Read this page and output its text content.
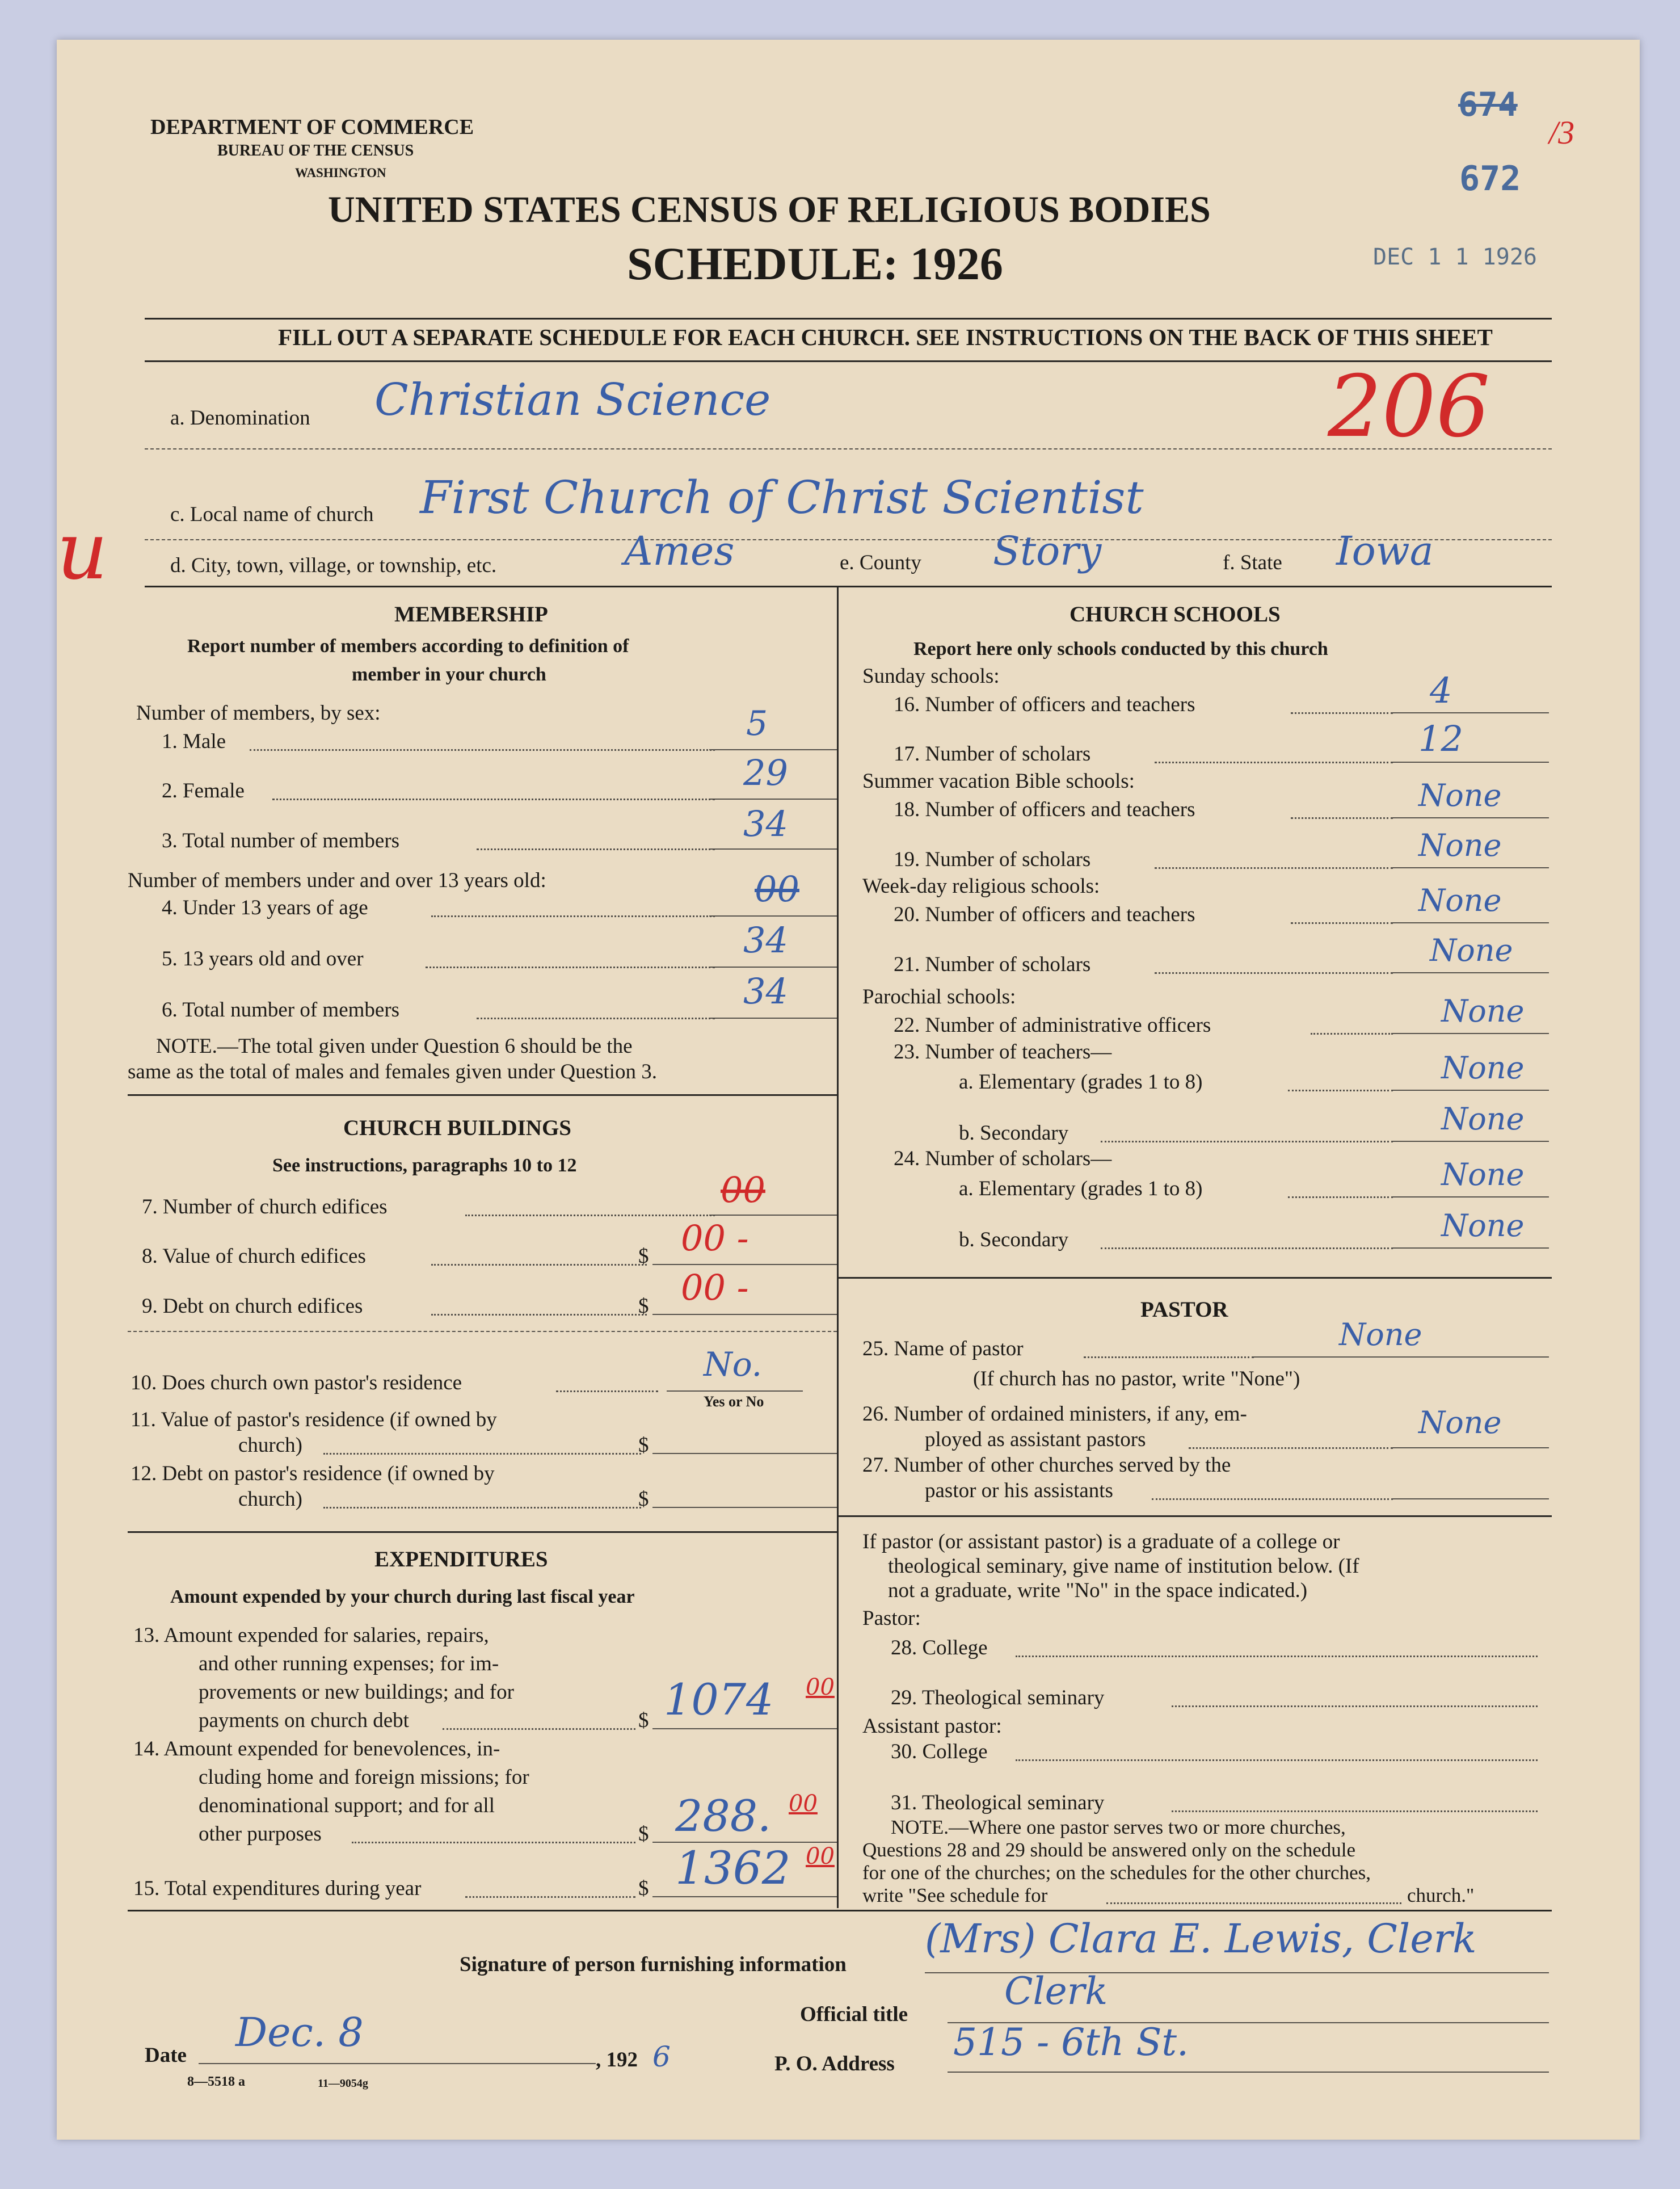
DEPARTMENT OF COMMERCE
BUREAU OF THE CENSUS
WASHINGTON
UNITED STATES CENSUS OF RELIGIOUS BODIES
SCHEDULE: 1926	DEC 1 1 1926
674
/3
672
206
u
FILL OUT A SEPARATE SCHEDULE FOR EACH CHURCH. SEE INSTRUCTIONS ON THE BACK OF THIS SHEET
a. Denomination Christian Science
c. Local name of church First Church of Christ Scientist
d. City, town, village, or township, etc.	Ames	e. County Story	f. State Iowa
MEMBERSHIP
Report number of members according to definition of
member in your church
Number of members, by sex:
1. Male	5
2. Female	29
3. Total number of members	34
Number of members under and over 13 years old:
4. Under 13 years of age	00
5. 13 years old and over	34
6. Total number of members	34
NOTE.—The total given under Question 6 should be the
same as the total of males and females given under Question 3.
CHURCH BUILDINGS
See instructions, paragraphs 10 to 12
7. Number of church edifices	00
8. Value of church edifices	$ 00 -
9. Debt on church edifices	$ 00 -
10. Does church own pastor's residence	No.
Yes or No
11. Value of pastor's residence (if owned by
church)	$
12. Debt on pastor's residence (if owned by
church)	$
EXPENDITURES
Amount expended by your church during last fiscal year
13. Amount expended for salaries, repairs,
and other running expenses; for im-
provements or new buildings; and for
payments on church debt	$ 1074 00
14. Amount expended for benevolences, in-
cluding home and foreign missions; for
denominational support; and for all
other purposes	$ 288. 00
15. Total expenditures during year	$ 1362 00
CHURCH SCHOOLS
Report here only schools conducted by this church
Sunday schools:
16. Number of officers and teachers	4
17. Number of scholars	12
Summer vacation Bible schools:
18. Number of officers and teachers	None
19. Number of scholars	None
Week-day religious schools:
20. Number of officers and teachers	None
21. Number of scholars	None
Parochial schools:
22. Number of administrative officers	None
23. Number of teachers—
a. Elementary (grades 1 to 8)	None
b. Secondary	None
24. Number of scholars—
a. Elementary (grades 1 to 8)	None
b. Secondary	None
PASTOR
25. Name of pastor	None
(If church has no pastor, write "None")
26. Number of ordained ministers, if any, em-
ployed as assistant pastors	None
27. Number of other churches served by the
pastor or his assistants
If pastor (or assistant pastor) is a graduate of a college or
theological seminary, give name of institution below. (If
not a graduate, write "No" in the space indicated.)
Pastor:
28. College
29. Theological seminary
Assistant pastor:
30. College
31. Theological seminary
NOTE.—Where one pastor serves two or more churches,
Questions 28 and 29 should be answered only on the schedule
for one of the churches; on the schedules for the other churches,
write "See schedule for	church."
Signature of person furnishing information
(Mrs) Clara E. Lewis, Clerk
Official title
Clerk
Date Dec. 8
, 192 6	P. O. Address 515 - 6th St.
8—5518 a	11—9054g
